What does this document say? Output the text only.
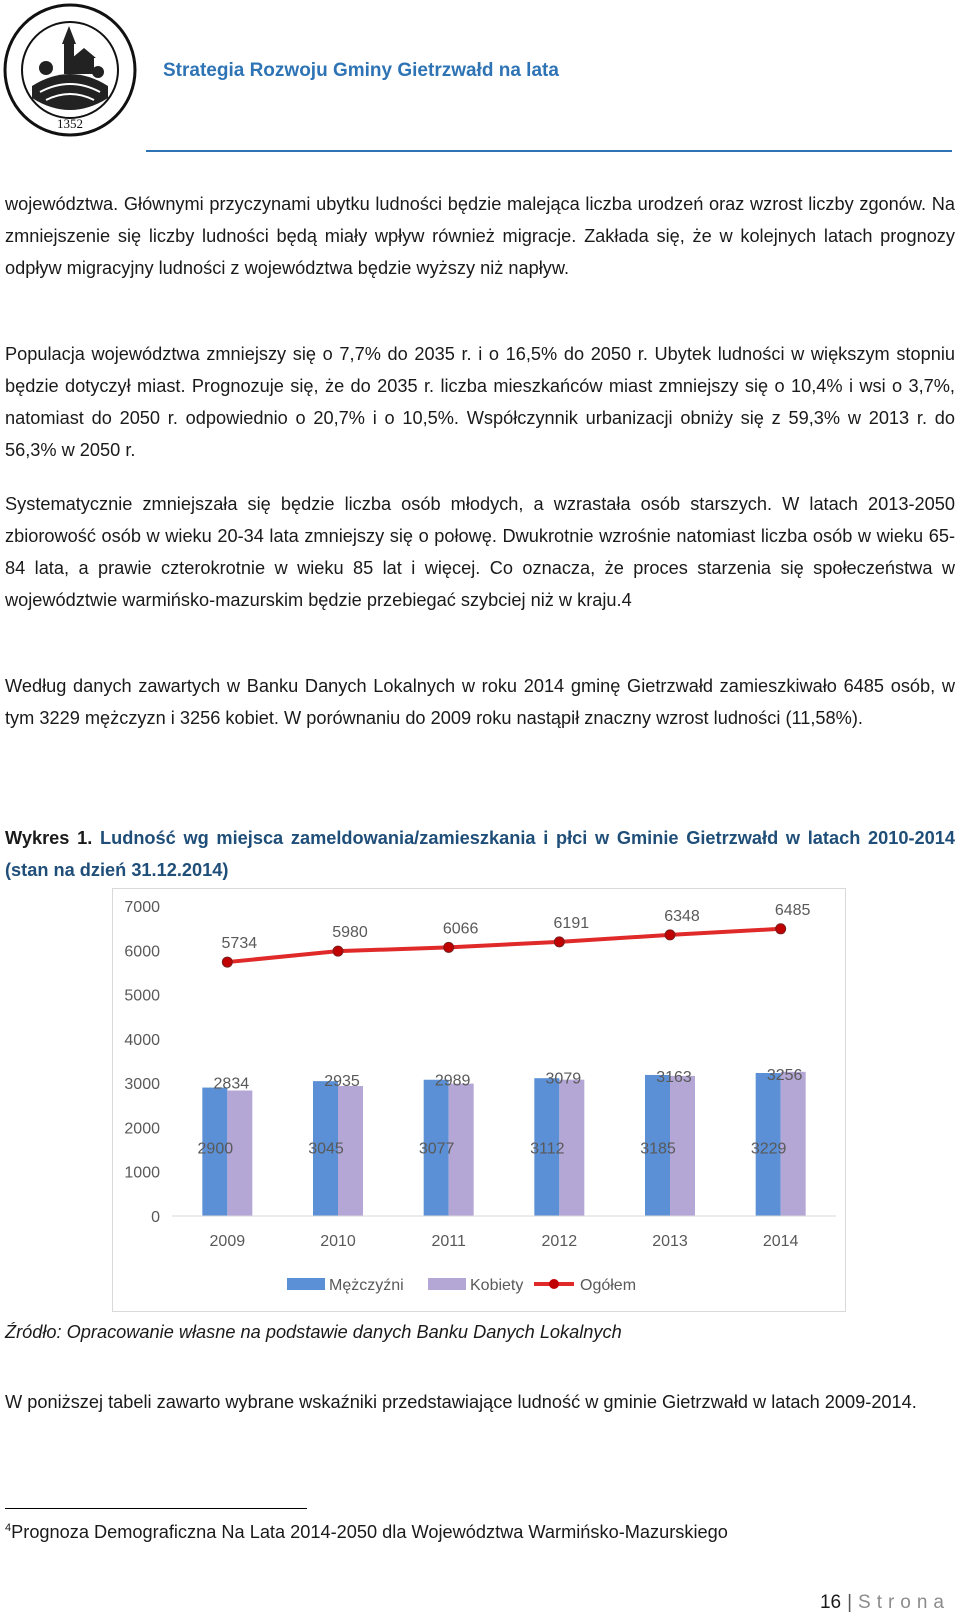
1352
Strategia Rozwoju Gminy Gietrzwałd na lata

województwa. Głównymi przyczynami ubytku ludności będzie malejąca liczba urodzeń oraz wzrost liczby zgonów. Na zmniejszenie się liczby ludności będą miały wpływ również migracje. Zakłada się, że w kolejnych latach prognozy odpływ migracyjny ludności z województwa będzie wyższy niż napływ.

Populacja województwa zmniejszy się o 7,7% do 2035 r. i o 16,5% do 2050 r. Ubytek ludności w większym stopniu będzie dotyczył miast. Prognozuje się, że do 2035 r. liczba mieszkańców miast zmniejszy się o 10,4% i wsi o 3,7%, natomiast do 2050 r. odpowiednio o 20,7% i o 10,5%. Współczynnik urbanizacji obniży się z 59,3% w 2013 r. do 56,3% w 2050 r.

Systematycznie zmniejszała się będzie liczba osób młodych, a wzrastała osób starszych. W latach 2013-2050 zbiorowość osób w wieku 20-34 lata zmniejszy się o połowę. Dwukrotnie wzrośnie natomiast liczba osób w wieku 65-84 lata, a prawie czterokrotnie w wieku 85 lat i więcej. Co oznacza, że proces starzenia się społeczeństwa w województwie warmińsko-mazurskim będzie przebiegać szybciej niż w kraju.4

Według danych zawartych w Banku Danych Lokalnych w roku 2014 gminę Gietrzwałd zamieszkiwało 6485 osób, w tym 3229 mężczyzn i 3256 kobiet. W porównaniu do 2009 roku nastąpił znaczny wzrost ludności (11,58%).

Wykres 1. Ludność wg miejsca zameldowania/zamieszkania i płci w Gminie Gietrzwałd w latach 2010-2014 (stan na dzień 31.12.2014)
0
1000
2000
3000
4000
5000
6000
7000
2900
2834
2009
3045
2935
2010
3077
2989
2011
3112
3079
2012
3185
3163
2013
3229
3256
2014
5734
5980	6066	6191	6348	6485
Mężczyźni	Kobiety	Ogółem
Źródło: Opracowanie własne na podstawie danych Banku Danych Lokalnych

W poniższej tabeli zawarto wybrane wskaźniki przedstawiające ludność w gminie Gietrzwałd w latach 2009-2014.

$^4$Prognoza Demograficzna Na Lata 2014-2050 dla Województwa Warmińsko-Mazurskiego
16 | Strona
